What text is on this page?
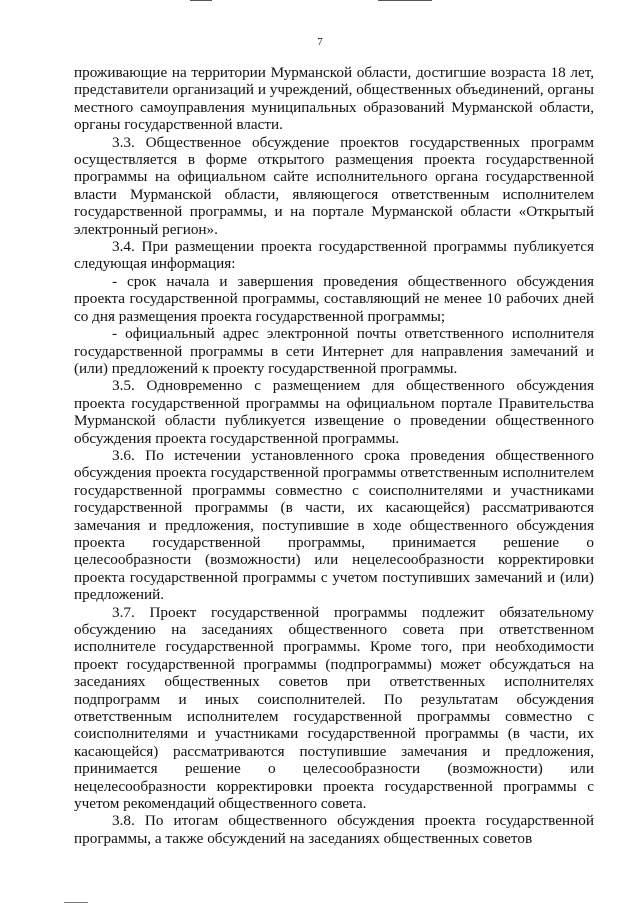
7

проживающие на территории Мурманской области, достигшие возраста 18 лет, представители организаций и учреждений, общественных объединений, органы местного самоуправления муниципальных образований Мурманской области, органы государственной власти.

3.3. Общественное обсуждение проектов государственных программ осуществляется в форме открытого размещения проекта государственной программы на официальном сайте исполнительного органа государственной власти Мурманской области, являющегося ответственным исполнителем государственной программы, и на портале Мурманской области «Открытый электронный регион».

3.4. При размещении проекта государственной программы публикуется следующая информация:

- срок начала и завершения проведения общественного обсуждения проекта государственной программы, составляющий не менее 10 рабочих дней со дня размещения проекта государственной программы;

- официальный адрес электронной почты ответственного исполнителя государственной программы в сети Интернет для направления замечаний и (или) предложений к проекту государственной программы.

3.5. Одновременно с размещением для общественного обсуждения проекта государственной программы на официальном портале Правительства Мурманской области публикуется извещение о проведении общественного обсуждения проекта государственной программы.

3.6. По истечении установленного срока проведения общественного обсуждения проекта государственной программы ответственным исполнителем государственной программы совместно с соисполнителями и участниками государственной программы (в части, их касающейся) рассматриваются замечания и предложения, поступившие в ходе общественного обсуждения проекта государственной программы, принимается решение о целесообразности (возможности) или нецелесообразности корректировки проекта государственной программы с учетом поступивших замечаний и (или) предложений.

3.7. Проект государственной программы подлежит обязательному обсуждению на заседаниях общественного совета при ответственном исполнителе государственной программы. Кроме того, при необходимости проект государственной программы (подпрограммы) может обсуждаться на заседаниях общественных советов при ответственных исполнителях подпрограмм и иных соисполнителей. По результатам обсуждения ответственным исполнителем государственной программы совместно с соисполнителями и участниками государственной программы (в части, их касающейся) рассматриваются поступившие замечания и предложения, принимается решение о целесообразности (возможности) или нецелесообразности корректировки проекта государственной программы с учетом рекомендаций общественного совета.

3.8. По итогам общественного обсуждения проекта государственной программы, а также обсуждений на заседаниях общественных советов
